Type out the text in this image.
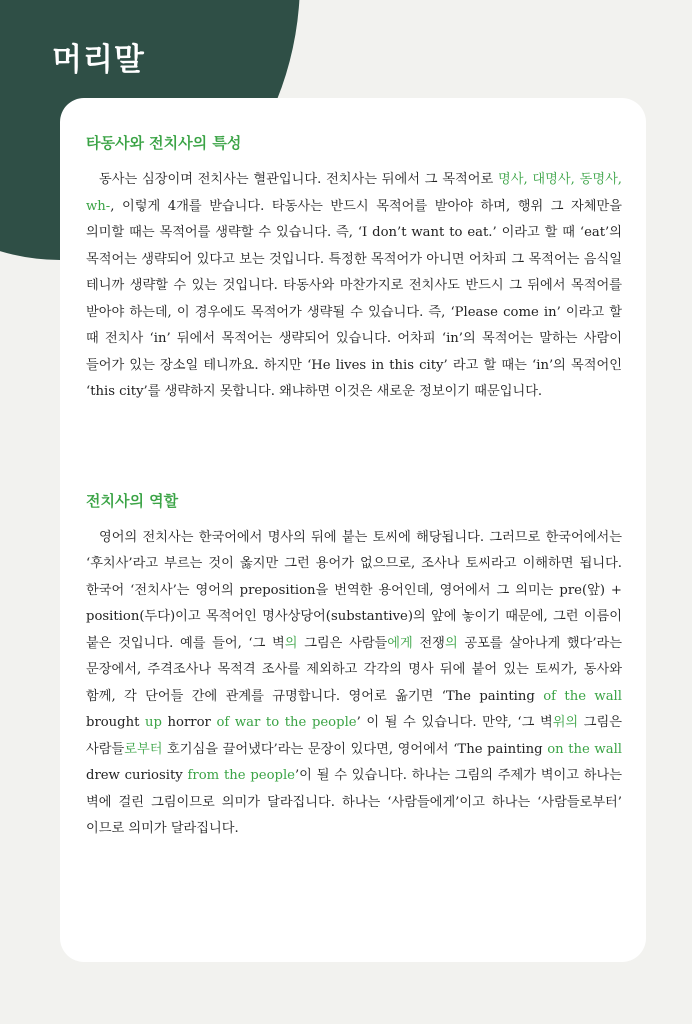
머리말
타동사와 전치사의 특성

동사는 심장이며 전치사는 혈관입니다. 전치사는 뒤에서 그 목적어로 명사, 대명사, 동명사, wh-, 이렇게 4개를 받습니다. 타동사는 반드시 목적어를 받아야 하며, 행위 그 자체만을 의미할 때는 목적어를 생략할 수 있습니다. 즉, ‘I don’t want to eat.’ 이라고 할 때 ‘eat’의 목적어는 생략되어 있다고 보는 것입니다. 특정한 목적어가 아니면 어차피 그 목적어는 음식일 테니까 생략할 수 있는 것입니다. 타동사와 마찬가지로 전치사도 반드시 그 뒤에서 목적어를 받아야 하는데, 이 경우에도 목적어가 생략될 수 있습니다. 즉, ‘Please come in’ 이라고 할 때 전치사 ‘in’ 뒤에서 목적어는 생략되어 있습니다. 어차피 ‘in’의 목적어는 말하는 사람이 들어가 있는 장소일 테니까요. 하지만 ‘He lives in this city’ 라고 할 때는 ‘in’의 목적어인 ‘this city’를 생략하지 못합니다. 왜냐하면 이것은 새로운 정보이기 때문입니다.

전치사의 역할

영어의 전치사는 한국어에서 명사의 뒤에 붙는 토씨에 해당됩니다. 그러므로 한국어에서는 ‘후치사’라고 부르는 것이 옳지만 그런 용어가 없으므로, 조사나 토씨라고 이해하면 됩니다. 한국어 ‘전치사’는 영어의 preposition을 번역한 용어인데, 영어에서 그 의미는 pre(앞) + position(두다)이고 목적어인 명사상당어(substantive)의 앞에 놓이기 때문에, 그런 이름이 붙은 것입니다. 예를 들어, ‘그 벽의 그림은 사람들에게 전쟁의 공포를 살아나게 했다’라는 문장에서, 주격조사나 목적격 조사를 제외하고 각각의 명사 뒤에 붙어 있는 토씨가, 동사와 함께, 각 단어들 간에 관계를 규명합니다. 영어로 옮기면 ‘The painting of the wall brought up horror of war to the people’ 이 될 수 있습니다. 만약, ‘그 벽위의 그림은 사람들로부터 호기심을 끌어냈다’라는 문장이 있다면, 영어에서 ‘The painting on the wall drew curiosity from the people’이 될 수 있습니다. 하나는 그림의 주제가 벽이고 하나는 벽에 걸린 그림이므로 의미가 달라집니다. 하나는 ‘사람들에게’이고 하나는 ‘사람들로부터’ 이므로 의미가 달라집니다.
